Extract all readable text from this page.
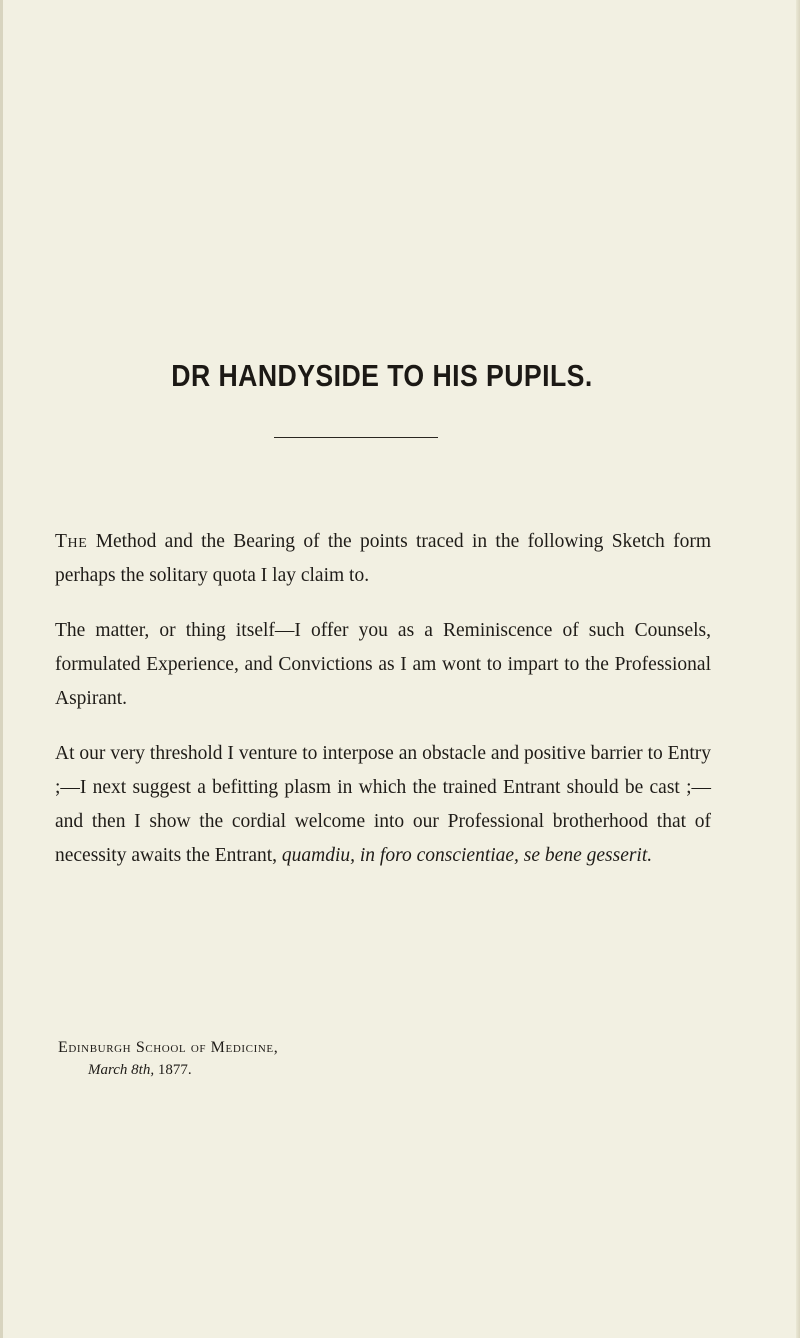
DR HANDYSIDE TO HIS PUPILS.

The Method and the Bearing of the points traced in the following Sketch form perhaps the solitary quota I lay claim to.

The matter, or thing itself—I offer you as a Reminiscence of such Counsels, formulated Experience, and Convictions as I am wont to impart to the Professional Aspirant.

At our very threshold I venture to interpose an obstacle and positive barrier to Entry ;—I next suggest a befitting plasm in which the trained Entrant should be cast ;—and then I show the cordial welcome into our Professional brotherhood that of necessity awaits the Entrant, quamdiu, in foro conscientiae, se bene gesserit.

Edinburgh School of Medicine,
March 8th, 1877.
